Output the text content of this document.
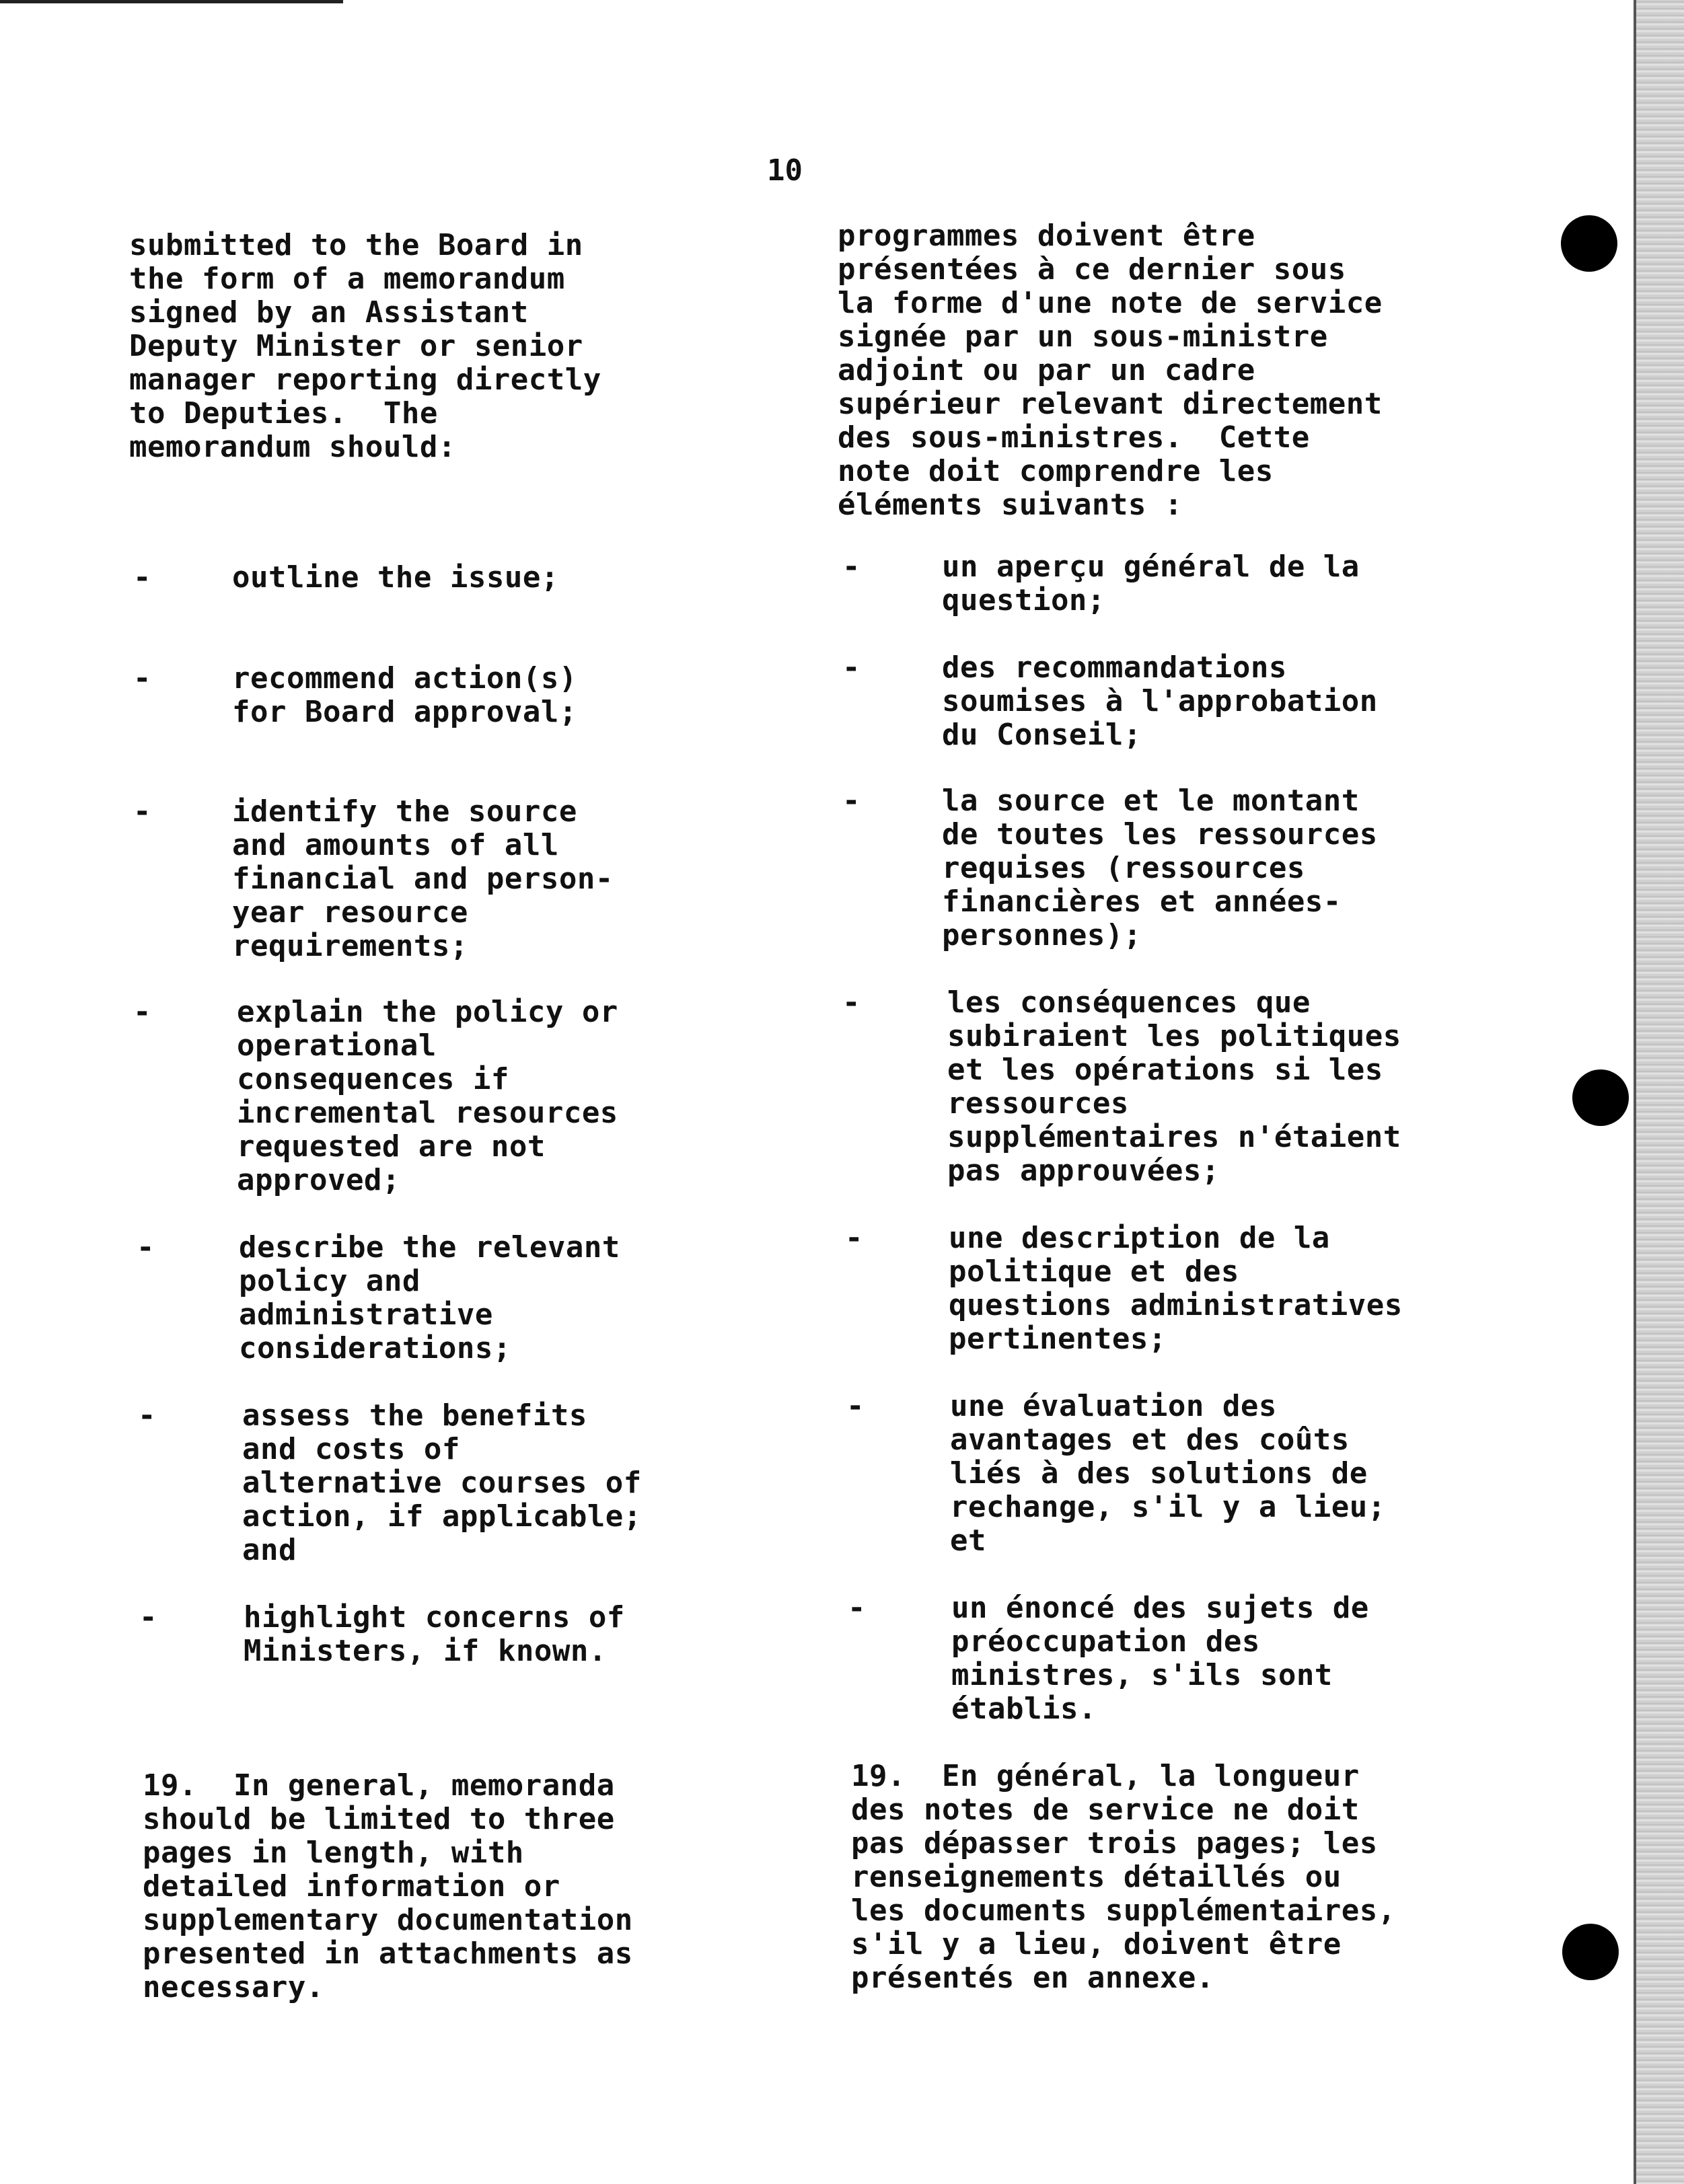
10

submitted to the Board in
the form of a memorandum
signed by an Assistant
Deputy Minister or senior
manager reporting directly
to Deputies.  The
memorandum should:

-	outline the issue;

-	recommend action(s)
for Board approval;

-	identify the source
and amounts of all
financial and person-
year resource
requirements;

-	explain the policy or
operational
consequences if
incremental resources
requested are not
approved;

-	describe the relevant
policy and
administrative
considerations;

-	assess the benefits
and costs of
alternative courses of
action, if applicable;
and

-	highlight concerns of
Ministers, if known.

19.  In general, memoranda
should be limited to three
pages in length, with
detailed information or
supplementary documentation
presented in attachments as
necessary.

programmes doivent être
présentées à ce dernier sous
la forme d'une note de service
signée par un sous-ministre
adjoint ou par un cadre
supérieur relevant directement
des sous-ministres.  Cette
note doit comprendre les
éléments suivants :

-	un aperçu général de la
question;

-	des recommandations
soumises à l'approbation
du Conseil;

-	la source et le montant
de toutes les ressources
requises (ressources
financières et années-
personnes);

-	les conséquences que
subiraient les politiques
et les opérations si les
ressources
supplémentaires n'étaient
pas approuvées;

-	une description de la
politique et des
questions administratives
pertinentes;

-	une évaluation des
avantages et des coûts
liés à des solutions de
rechange, s'il y a lieu;
et

-	un énoncé des sujets de
préoccupation des
ministres, s'ils sont
établis.

19.  En général, la longueur
des notes de service ne doit
pas dépasser trois pages; les
renseignements détaillés ou
les documents supplémentaires,
s'il y a lieu, doivent être
présentés en annexe.
